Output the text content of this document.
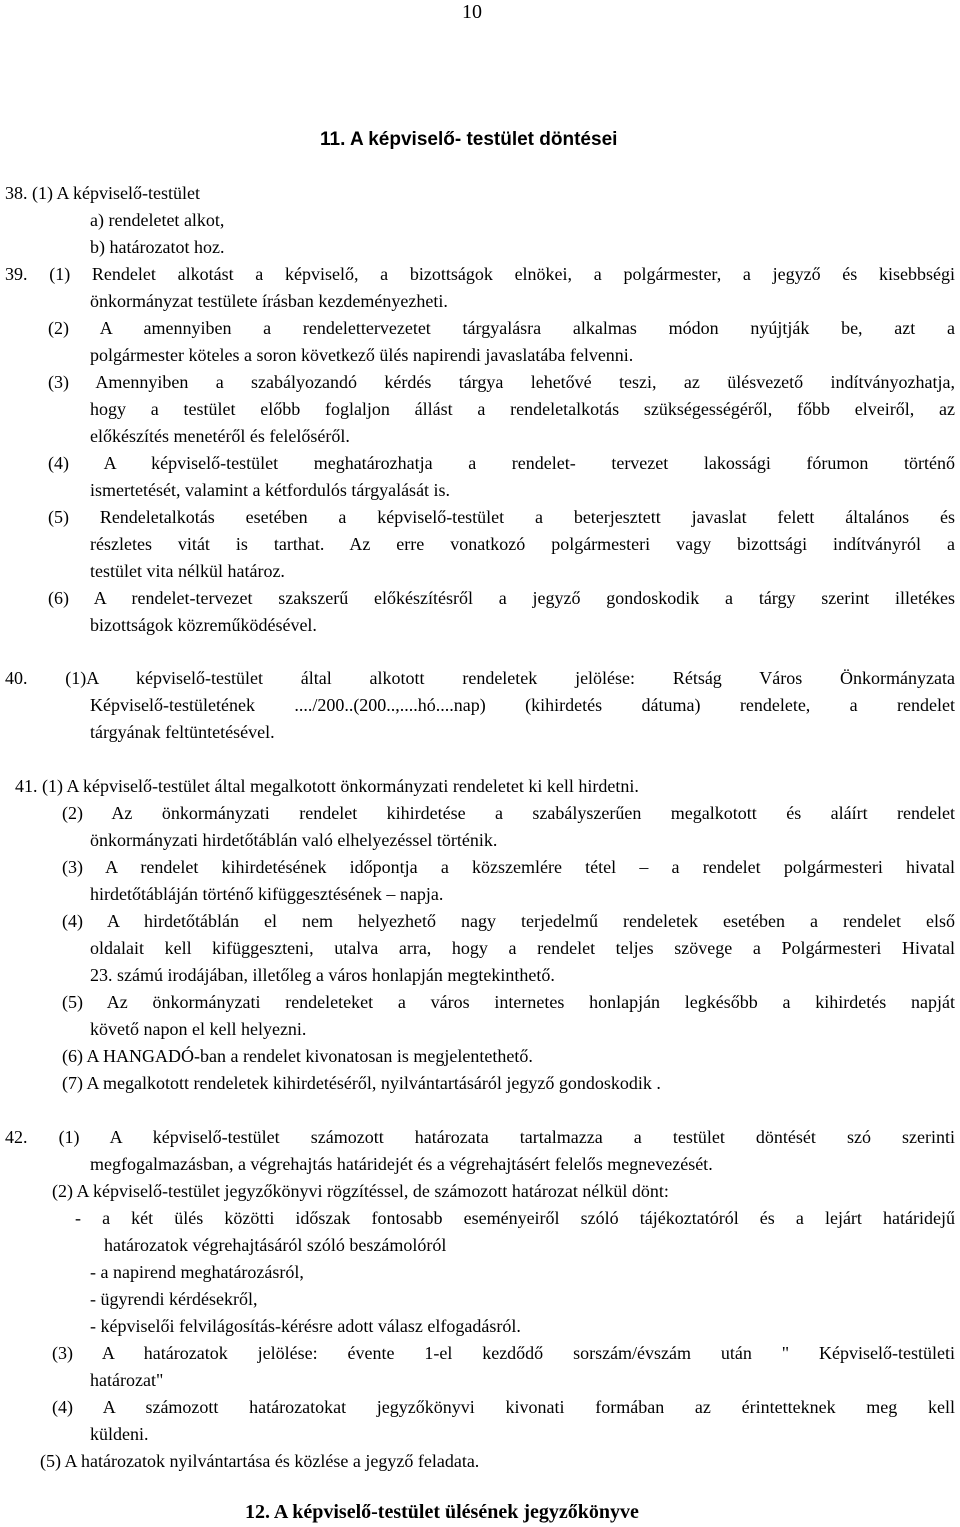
10
11. A képviselő- testület döntései
38. (1) A képviselő-testület
a) rendeletet alkot,
b) határozatot hoz.
39. (1) Rendelet alkotást a képviselő, a bizottságok elnökei, a polgármester, a jegyző és kisebbségi
önkormányzat testülete írásban kezdeményezheti.
(2) A amennyiben a rendelettervezetet tárgyalásra alkalmas módon nyújtják be, azt a
polgármester köteles a soron következő ülés napirendi javaslatába felvenni.
(3) Amennyiben a szabályozandó kérdés tárgya lehetővé teszi, az ülésvezető indítványozhatja,
hogy a testület előbb foglaljon állást a rendeletalkotás szükségességéről, főbb elveiről, az
előkészítés menetéről és felelőséről.
(4) A képviselő-testület meghatározhatja a rendelet- tervezet lakossági fórumon történő
ismertetését, valamint a kétfordulós tárgyalását is.
(5) Rendeletalkotás esetében a képviselő-testület a beterjesztett javaslat felett általános és
részletes vitát is tarthat. Az erre vonatkozó polgármesteri vagy bizottsági indítványról a
testület vita nélkül határoz.
(6) A rendelet-tervezet szakszerű előkészítésről a jegyző gondoskodik a tárgy szerint illetékes
bizottságok közreműködésével.
40. (1)A képviselő-testület által alkotott rendeletek jelölése: Rétság Város Önkormányzata
Képviselő-testületének ..../200..(200..,....hó....nap) (kihirdetés dátuma) rendelete, a rendelet
tárgyának feltüntetésével.
41. (1) A képviselő-testület által megalkotott önkormányzati rendeletet ki kell hirdetni.
(2) Az önkormányzati rendelet kihirdetése a szabályszerűen megalkotott és aláírt rendelet
önkormányzati hirdetőtáblán való elhelyezéssel történik.
(3) A rendelet kihirdetésének időpontja a közszemlére tétel – a rendelet polgármesteri hivatal
hirdetőtábláján történő kifüggesztésének – napja.
(4) A hirdetőtáblán el nem helyezhető nagy terjedelmű rendeletek esetében a rendelet első
oldalait kell kifüggeszteni, utalva arra, hogy a rendelet teljes szövege a Polgármesteri Hivatal
23. számú irodájában, illetőleg a város honlapján megtekinthető.
(5) Az önkormányzati rendeleteket a város internetes honlapján legkésőbb a kihirdetés napját
követő napon el kell helyezni.
(6) A HANGADÓ-ban a rendelet kivonatosan is megjelentethető.
(7) A megalkotott rendeletek kihirdetéséről, nyilvántartásáról jegyző gondoskodik .
42. (1) A képviselő-testület számozott határozata tartalmazza a testület döntését szó szerinti
megfogalmazásban, a végrehajtás határidejét és a végrehajtásért felelős megnevezését.
(2) A képviselő-testület jegyzőkönyvi rögzítéssel, de számozott határozat nélkül dönt:
- a két ülés közötti időszak fontosabb eseményeiről szóló tájékoztatóról és a lejárt határidejű
határozatok végrehajtásáról szóló beszámolóról
- a napirend meghatározásról,
- ügyrendi kérdésekről,
- képviselői felvilágosítás-kérésre adott válasz elfogadásról.
(3) A határozatok jelölése: évente 1-el kezdődő sorszám/évszám után " Képviselő-testületi
határozat"
(4) A számozott határozatokat jegyzőkönyvi kivonati formában az érintetteknek meg kell
küldeni.
(5) A határozatok nyilvántartása és közlése a jegyző feladata.
12. A képviselő-testület ülésének jegyzőkönyve
